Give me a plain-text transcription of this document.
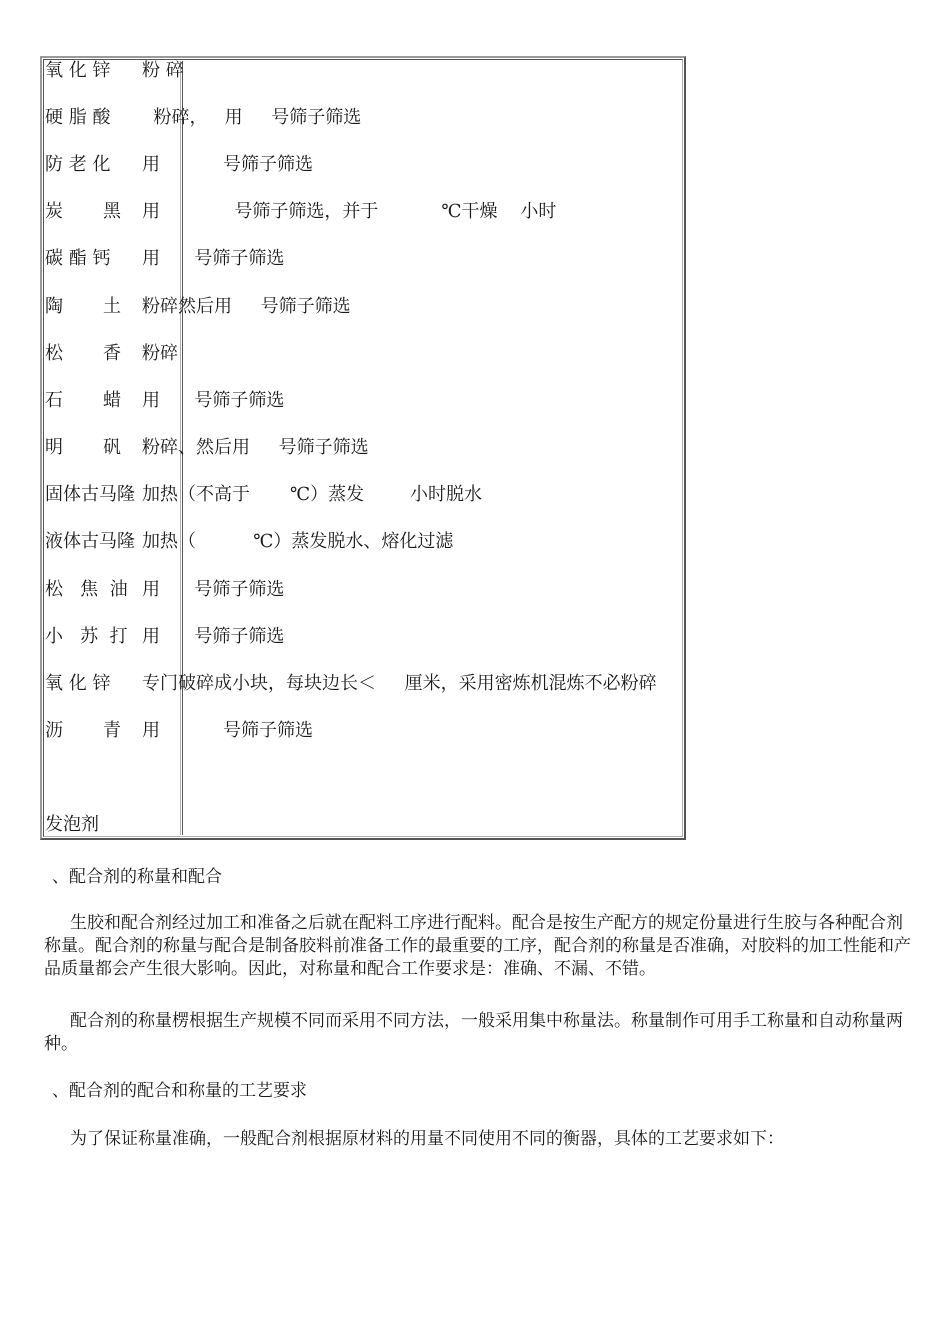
氧 化 锌 粉 碎
硬 脂 酸 粉碎，   用     号筛子筛选
防 老 化 用           号筛子筛选
炭       黑 用             号筛子筛选，并于           ℃干燥    小时
碳 酯 钙 用      号筛子筛选
陶       土 粉碎然后用     号筛子筛选
松       香 粉碎
石       蜡 用      号筛子筛选
明       矾 粉碎、然后用     号筛子筛选
固体古马隆 加热（不高于       ℃）蒸发        小时脱水
液体古马隆 加热（          ℃）蒸发脱水、熔化过滤
松   焦  油 用      号筛子筛选
小   苏  打 用      号筛子筛选
氧 化 锌 专门破碎成小块，每块边长＜     厘米，采用密炼机混炼不必粉碎
沥       青 用           号筛子筛选
发泡剂
、配合剂的称量和配合

生胶和配合剂经过加工和准备之后就在配料工序进行配料。配合是按生产配方的规定份量进行生胶与各种配合剂称量。配合剂的称量与配合是制备胶料前准备工作的最重要的工序，配合剂的称量是否准确，对胶料的加工性能和产品质量都会产生很大影响。因此，对称量和配合工作要求是：准确、不漏、不错。

配合剂的称量楞根据生产规模不同而采用不同方法，一般采用集中称量法。称量制作可用手工称量和自动称量两种。

、配合剂的配合和称量的工艺要求

为了保证称量准确，一般配合剂根据原材料的用量不同使用不同的衡器，具体的工艺要求如下：
